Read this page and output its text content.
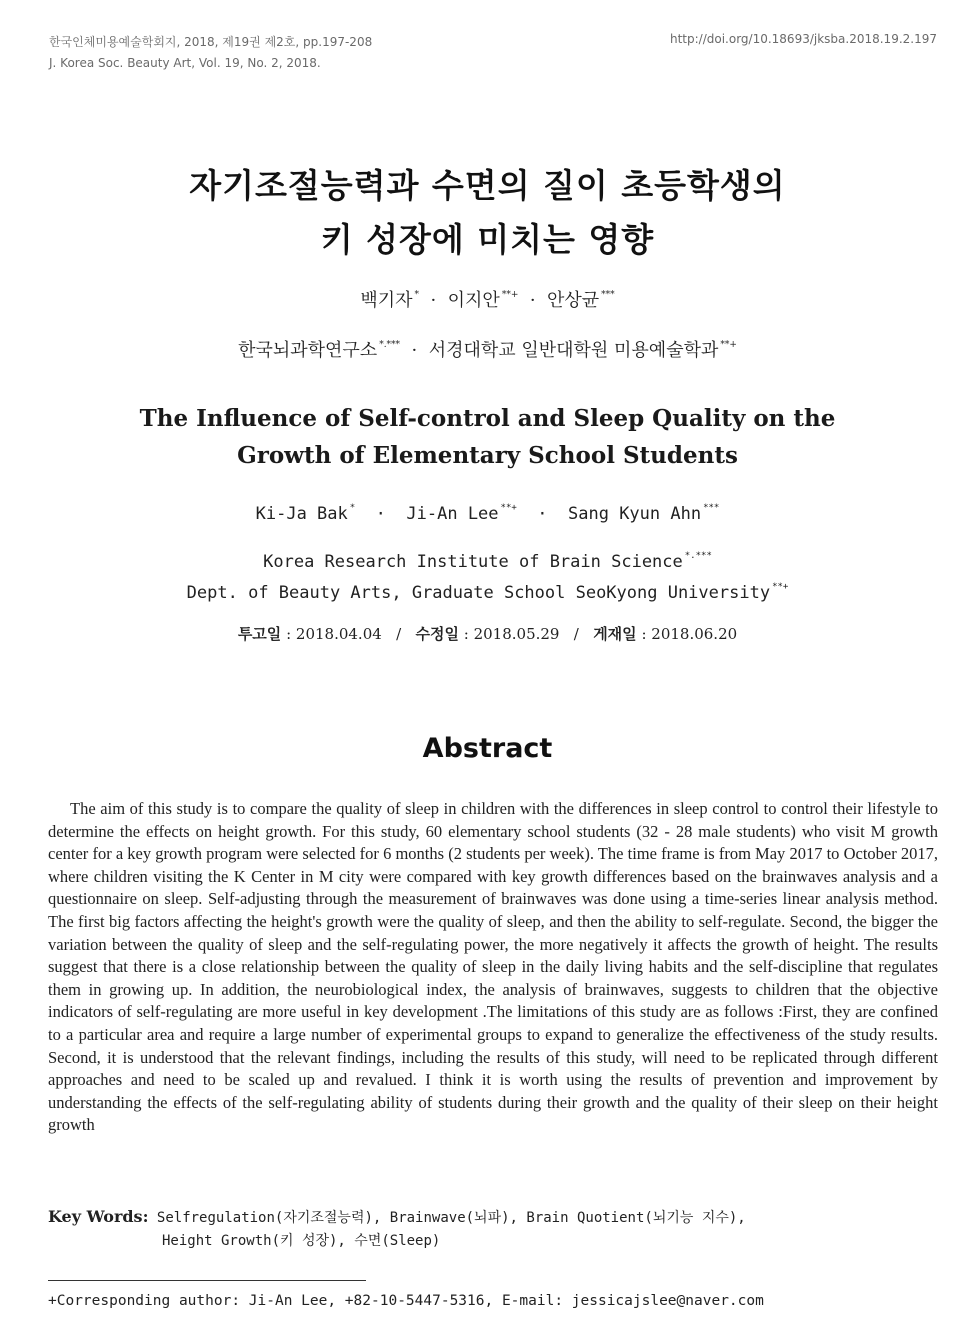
한국인체미용예술학회지, 2018, 제19권 제2호, pp.197-208
J. Korea Soc. Beauty Art, Vol. 19, No. 2, 2018.
http://doi.org/10.18693/jksba.2018.19.2.197
자기조절능력과 수면의 질이 초등학생의
키 성장에 미치는 영향
백기자 *  ·  이지안 **+  ·  안상균 ***
한국뇌과학연구소 *.***  ·  서경대학교 일반대학원 미용예술학과 **+
The Influence of Self-control and Sleep Quality on the
Growth of Elementary School Students
Ki-Ja Bak *  ·  Ji-An Lee **+  ·  Sang Kyun Ahn ***
Korea Research Institute of Brain Science *.***
Dept. of Beauty Arts, Graduate School SeoKyong University **+
투고일 : 2018.04.04   /   수정일 : 2018.05.29   /   게재일 : 2018.06.20
Abstract

The aim of this study is to compare the quality of sleep in children with the differences in sleep control to control their lifestyle to determine the effects on height growth. For this study, 60 elementary school students (32 - 28 male students) who visit M growth center for a key growth program were selected for 6 months (2 students per week). The time frame is from May 2017 to October 2017, where children visiting the K Center in M city were compared with key growth differences based on the brainwaves analysis and a questionnaire on sleep. Self-adjusting through the measurement of brainwaves was done using a time-series linear analysis method. The first big factors affecting the height's growth were the quality of sleep, and then the ability to self-regulate. Second, the bigger the variation between the quality of sleep and the self-regulating power, the more negatively it affects the growth of height. The results suggest that there is a close relationship between the quality of sleep in the daily living habits and the self-discipline that regulates them in growing up. In addition, the neurobiological index, the analysis of brainwaves, suggests to children that the objective indicators of self-regulating are more useful in key development .The limitations of this study are as follows :First, they are confined to a particular area and require a large number of experimental groups to expand to generalize the effectiveness of the study results. Second, it is understood that the relevant findings, including the results of this study, will need to be replicated through different approaches and need to be scaled up and revalued. I think it is worth using the results of prevention and improvement by understanding the effects of the self-regulating ability of students during their growth and the quality of their sleep on their height growth

Key Words: Selfregulation(자기조절능력), Brainwave(뇌파), Brain Quotient(뇌기능 지수),
Height Growth(키 성장), 수면(Sleep)
+Corresponding author: Ji-An Lee, +82-10-5447-5316, E-mail: jessicajslee@naver.com
